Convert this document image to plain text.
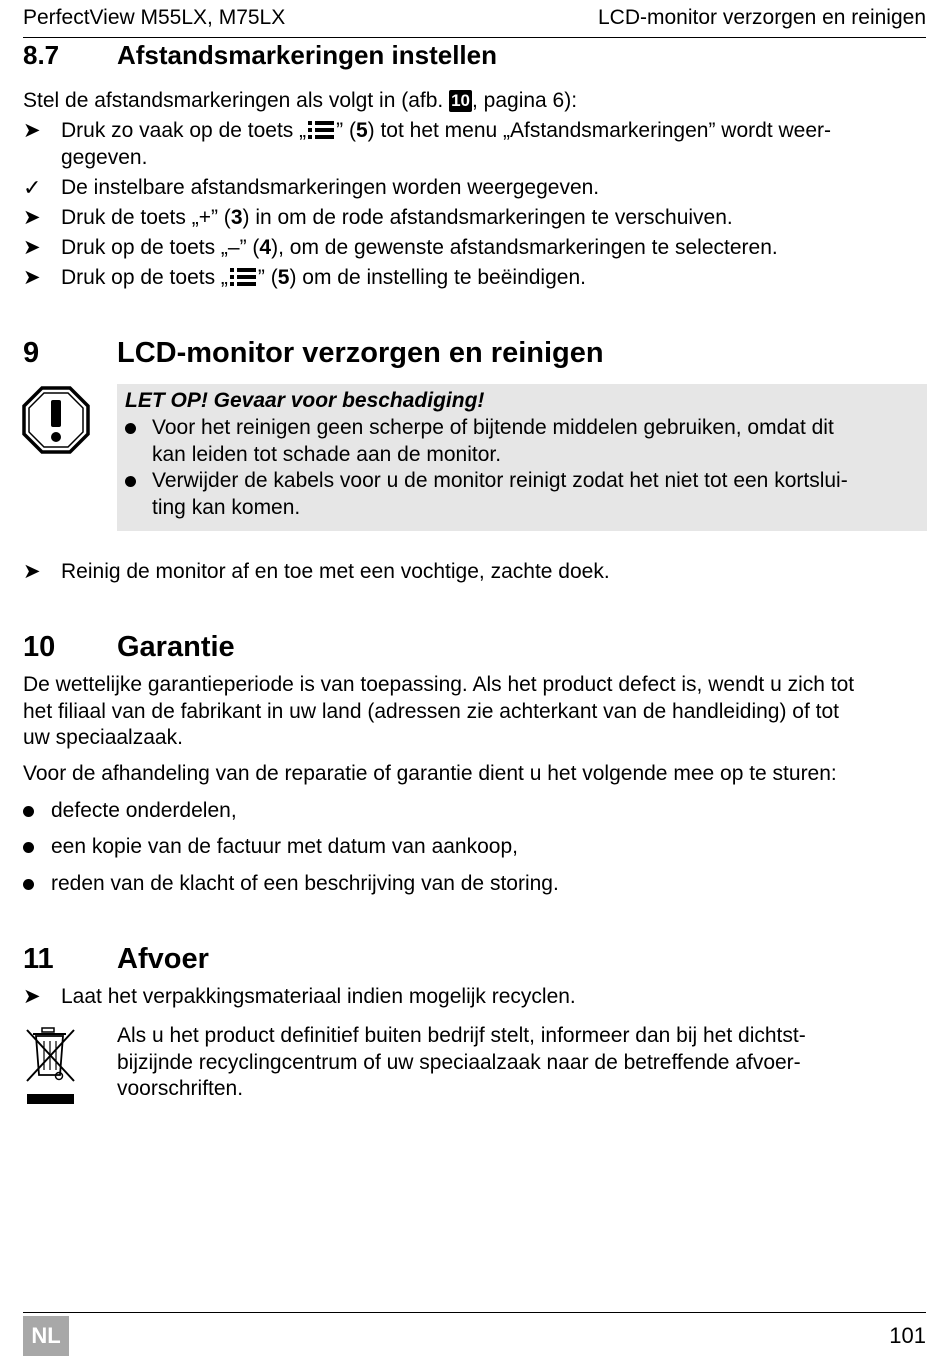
PerfectView M55LX, M75LX	LCD-monitor verzorgen en reinigen
8.7 Afstandsmarkeringen instellen
Stel de afstandsmarkeringen als volgt in (afb. 10, pagina 6):
➤ Druk zo vaak op de toets „ ” (5) tot het menu „Afstandsmarkeringen” wordt weer-
gegeven.
✓ De instelbare afstandsmarkeringen worden weergegeven.
➤ Druk de toets „+” (3) in om de rode afstandsmarkeringen te verschuiven.
➤ Druk op de toets „–” (4), om de gewenste afstandsmarkeringen te selecteren.
➤ Druk op de toets „ ” (5) om de instelling te beëindigen.
9	LCD-monitor verzorgen en reinigen
LET OP! Gevaar voor beschadiging!
Voor het reinigen geen scherpe of bijtende middelen gebruiken, omdat dit
kan leiden tot schade aan de monitor.
Verwijder de kabels voor u de monitor reinigt zodat het niet tot een kortslui-
ting kan komen.
➤ Reinig de monitor af en toe met een vochtige, zachte doek.
10 Garantie
De wettelijke garantieperiode is van toepassing. Als het product defect is, wendt u zich tot
het filiaal van de fabrikant in uw land (adressen zie achterkant van de handleiding) of tot
uw speciaalzaak.
Voor de afhandeling van de reparatie of garantie dient u het volgende mee op te sturen:
defecte onderdelen,
een kopie van de factuur met datum van aankoop,
reden van de klacht of een beschrijving van de storing.
11 Afvoer
➤ Laat het verpakkingsmateriaal indien mogelijk recyclen.
Als u het product definitief buiten bedrijf stelt, informeer dan bij het dichtst-
bijzijnde recyclingcentrum of uw speciaalzaak naar de betreffende afvoer-
voorschriften.
NL	101
